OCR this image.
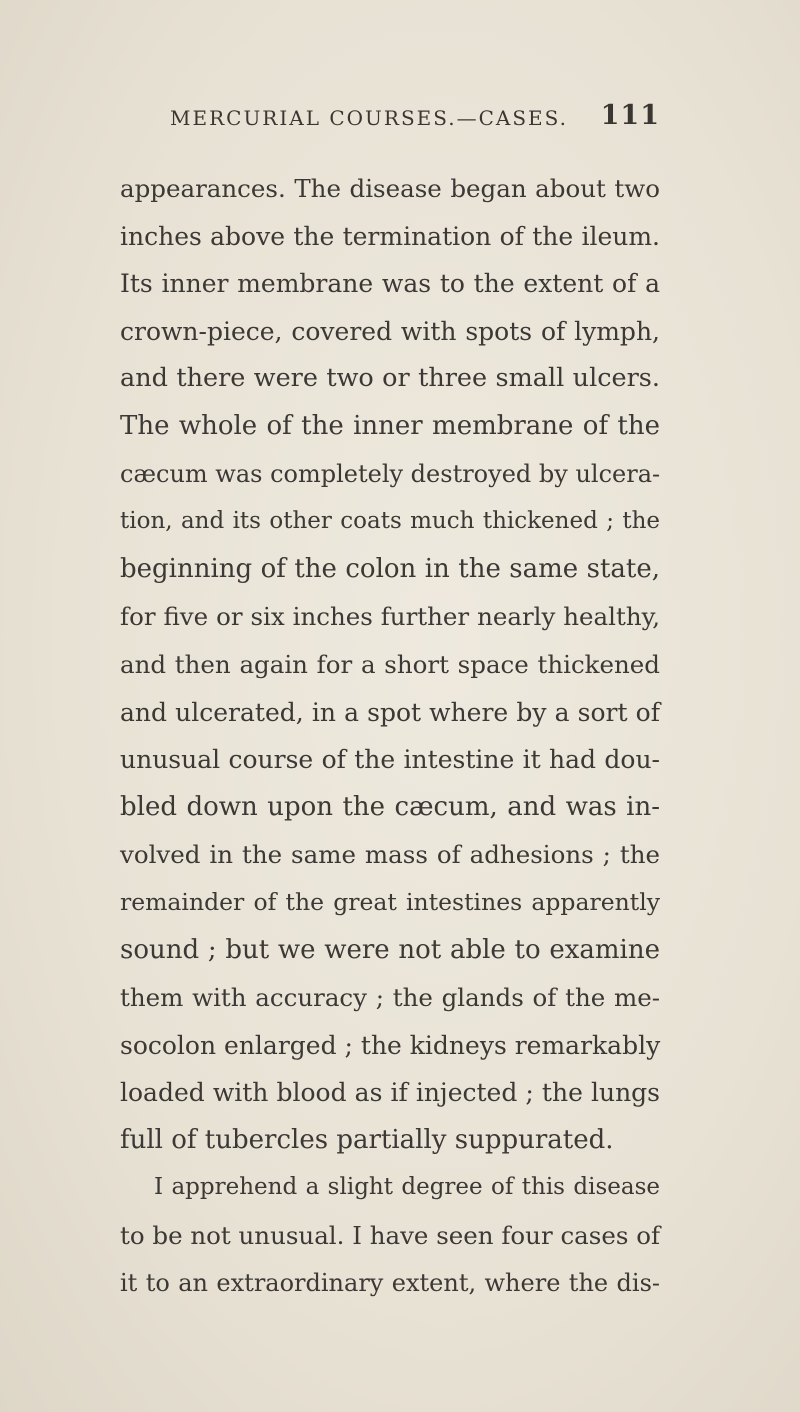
MERCURIAL COURSES.—CASES. 111
appearances. The disease began about two
inches above the termination of the ileum.
Its inner membrane was to the extent of a
crown-piece, covered with spots of lymph,
and there were two or three small ulcers.
The whole of the inner membrane of the
cæcum was completely destroyed by ulcera-
tion, and its other coats much thickened ; the
beginning of the colon in the same state,
for five or six inches further nearly healthy,
and then again for a short space thickened
and ulcerated, in a spot where by a sort of
unusual course of the intestine it had dou-
bled down upon the cæcum, and was in-
volved in the same mass of adhesions ; the
remainder of the great intestines apparently
sound ; but we were not able to examine
them with accuracy ; the glands of the me-
socolon enlarged ; the kidneys remarkably
loaded with blood as if injected ; the lungs
full of tubercles partially suppurated.
I apprehend a slight degree of this disease
to be not unusual. I have seen four cases of
it to an extraordinary extent, where the dis-
